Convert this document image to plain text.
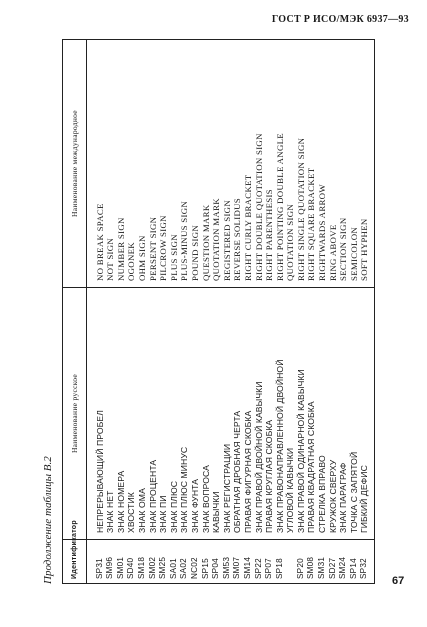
ГОСТ Р ИСО/МЭК 6937—93
Продолжение таблицы В.2 Идентификатор	Наименование русское	Наименование международное
SP31	НЕПРЕРЫВАЮЩИЙ ПРОБЕЛ	NO BREAK SPACE

SM96	ЗНАК НЕТ	NOT SIGN

SM01	ЗНАК НОМЕРА	NUMBER SIGN

SD40	ХВОСТИК	OGONEK

SM18	ЗНАК ОМА	OHM SIGN

SM02	ЗНАК ПРОЦЕНТА	PERSENT SIGN

SM25	ЗНАК ПИ	PILCROW SIGN

SA01	ЗНАК ПЛЮС	PLUS SIGN

SA02	ЗНАК ПЛЮС МИНУС	PLUS-MINUS SIGN

NC02	ЗНАК ФУНТА	POUND SIGN

SP15	ЗНАК ВОПРОСА	QUESTION MARK

SP04	КАВЫЧКИ	QUOTATION MARK

SM53	ЗНАК РЕГИСТРАЦИИ	REGISTERED SIGN

SM07	ОБРАТНАЯ ДРОБНАЯ ЧЕРТА	REVERSE SOLIDUS

SM14	ПРАВАЯ ФИГУРНАЯ СКОБКА	RIGHT CURLY BRACKET

SP22	ЗНАК ПРАВОЙ ДВОЙНОЙ КАВЫЧКИ	RIGHT DOUBLE QUOTATION SIGN

SP07	ПРАВАЯ КРУГЛАЯ СКОБКА	RIGHT PARENTHESIS

SP18	ЗНАК ПРАВОНАПРАВЛЕННОЙ ДВОЙНОЙ УГЛОВОЙ КАВЫЧКИ	RIGHT POINTING DOUBLE ANGLE QUOTATION SIGN

SP20	ЗНАК ПРАВОЙ ОДИНАРНОЙ КАВЫЧКИ	RIGHT SINGLE QUOTATION SIGN

SM08	ПРАВАЯ КВАДРАТНАЯ СКОБКА	RIGHT SQUARE BRACKET

SM31	СТРЕЛКА ВПРАВО	RIGHTWARDS ARROW

SD27	КРУЖОК СВЕРХУ	RING ABOVE

SM24	ЗНАК ПАРАГРАФ	SECTION SIGN

SP14	ТОЧКА С ЗАПЯТОЙ	SEMICOLON

SP32	ГИБКИЙ ДЕФИС	SOFT HYPHEN
67
